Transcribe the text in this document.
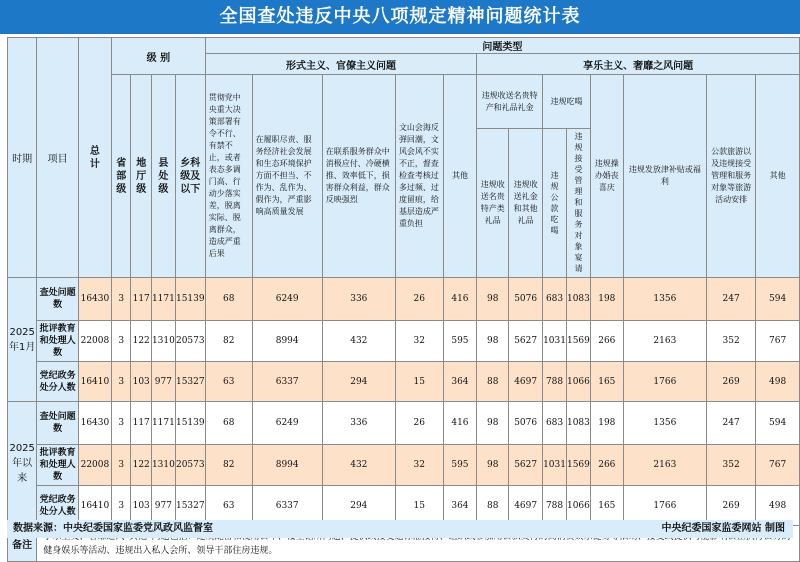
全国查处违反中央八项规定精神问题统计表
时期	项目	总计	级 别				问题类型												
							形式主义、官僚主义问题					享乐主义、奢靡之风问题							
			省部级	地厅级	县处级	乡科级及以下	贯彻党中央重大决策部署有令不行、有禁不止，或者表态多调门高、行动少落实差，脱离实际、脱离群众，造成严重后果	在履职尽责、服务经济社会发展和生态环境保护方面不担当、不作为、乱作为、假作为，严重影响高质量发展	在联系服务群众中消极应付、冷硬横推、效率低下，损害群众利益，群众反映强烈	文山会海反弹回潮，文风会风不实不正，督查检查考核过多过频、过度留痕，给基层造成严重负担	其他	违规收送名贵特产和礼品礼金		违规吃喝		违规操办婚丧喜庆	违规发放津补贴或福利	公款旅游以及违规接受管理和服务对象等旅游活动安排	其他
												违规收送名贵特产类礼品	违规收送礼金和其他礼品	违规公款吃喝	违规接受管理和服务对象宴请				
2025年1月	查处问题数	16430	3	117	1171	15139	68	6249	336	26	416	98	5076	683	1083	198	1356	247	594
	批评教育和处理人数	22008	3	122	1310	20573	82	8994	432	32	595	98	5627	1031	1569	266	2163	352	767
	党纪政务处分人数	16410	3	103	977	15327	63	6337	294	15	364	88	4697	788	1066	165	1766	269	498
2025年以来	查处问题数	16430	3	117	1171	15139	68	6249	336	26	416	98	5076	683	1083	198	1356	247	594
	批评教育和处理人数	22008	3	122	1310	20573	82	8994	432	32	595	98	5627	1031	1569	266	2163	352	767
	党纪政务处分人数	16410	3	103	977	15327	63	6337	294	15	364	88	4697	788	1066	165	1766	269	498
备注	健身娱乐等活动、违规出入私人会所、领导干部住房违规。																		
数据来源：中央纪委国家监委党风政风监督室	中央纪委国家监委网站 制图
